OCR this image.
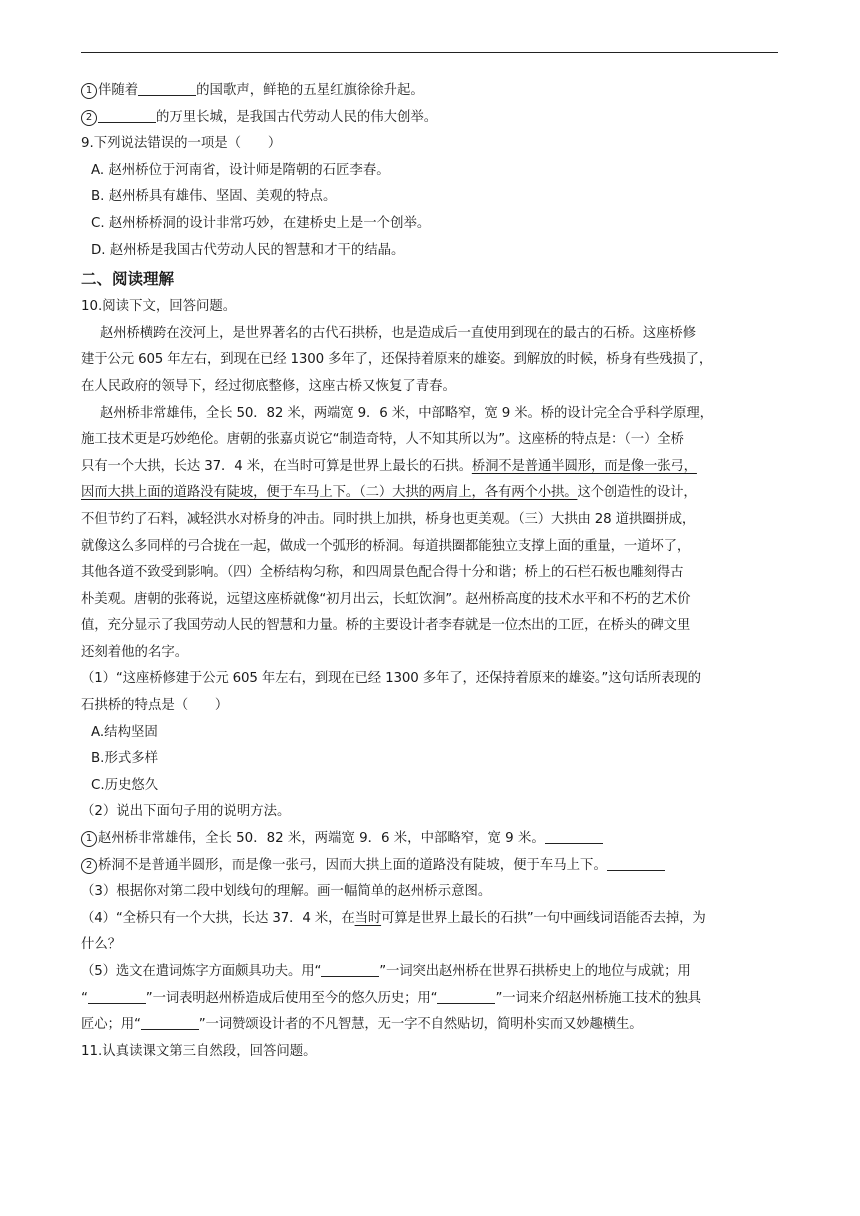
1 伴随着	的国歌声，鲜艳的五星红旗徐徐升起。
2	的万里长城，是我国古代劳动人民的伟大创举。
9.下列说法错误的一项是（　　）
A. 赵州桥位于河南省，设计师是隋朝的石匠李春。
B. 赵州桥具有雄伟、坚固、美观的特点。
C. 赵州桥桥洞的设计非常巧妙，在建桥史上是一个创举。
D. 赵州桥是我国古代劳动人民的智慧和才干的结晶。
二、阅读理解
10.阅读下文，回答问题。
赵州桥横跨在洨河上，是世界著名的古代石拱桥，也是造成后一直使用到现在的最古的石桥。这座桥修
建于公元 605 年左右，到现在已经 1300 多年了，还保持着原来的雄姿。到解放的时候，桥身有些残损了，
在人民政府的领导下，经过彻底整修，这座古桥又恢复了青春。
赵州桥非常雄伟，全长 50．82 米，两端宽 9．6 米，中部略窄，宽 9 米。桥的设计完全合乎科学原理，
施工技术更是巧妙绝伦。唐朝的张嘉贞说它“制造奇特，人不知其所以为”。这座桥的特点是：（一）全桥
只有一个大拱，长达 37．4 米，在当时可算是世界上最长的石拱。桥洞不是普通半圆形，而是像一张弓，
因而大拱上面的道路没有陡坡，便于车马上下。（二）大拱的两肩上，各有两个小拱。这个创造性的设计，
不但节约了石料，减轻洪水对桥身的冲击。同时拱上加拱，桥身也更美观。（三）大拱由 28 道拱圈拼成，
就像这么多同样的弓合拢在一起，做成一个弧形的桥洞。每道拱圈都能独立支撑上面的重量，一道坏了，
其他各道不致受到影响。（四）全桥结构匀称，和四周景色配合得十分和谐；桥上的石栏石板也雕刻得古
朴美观。唐朝的张蒋说，远望这座桥就像“初月出云，长虹饮涧”。赵州桥高度的技术水平和不朽的艺术价
值，充分显示了我国劳动人民的智慧和力量。桥的主要设计者李春就是一位杰出的工匠，在桥头的碑文里
还刻着他的名字。
（1）“这座桥修建于公元 605 年左右，到现在已经 1300 多年了，还保持着原来的雄姿。”这句话所表现的
石拱桥的特点是（　　）
A.结构坚固
B.形式多样
C.历史悠久
（2）说出下面句子用的说明方法。
1 赵州桥非常雄伟，全长 50．82 米，两端宽 9．6 米，中部略窄，宽 9 米。
2 桥洞不是普通半圆形，而是像一张弓，因而大拱上面的道路没有陡坡，便于车马上下。
（3）根据你对第二段中划线句的理解。画一幅简单的赵州桥示意图。
（4）“全桥只有一个大拱，长达 37．4 米，在当时可算是世界上最长的石拱”一句中画线词语能否去掉，为
什么？
（5）选文在遣词炼字方面颇具功夫。用“	”一词突出赵州桥在世界石拱桥史上的地位与成就；用
“	”一词表明赵州桥造成后使用至今的悠久历史；用“	”一词来介绍赵州桥施工技术的独具
匠心；用“	”一词赞颂设计者的不凡智慧，无一字不自然贴切，简明朴实而又妙趣横生。
11.认真读课文第三自然段，回答问题。
